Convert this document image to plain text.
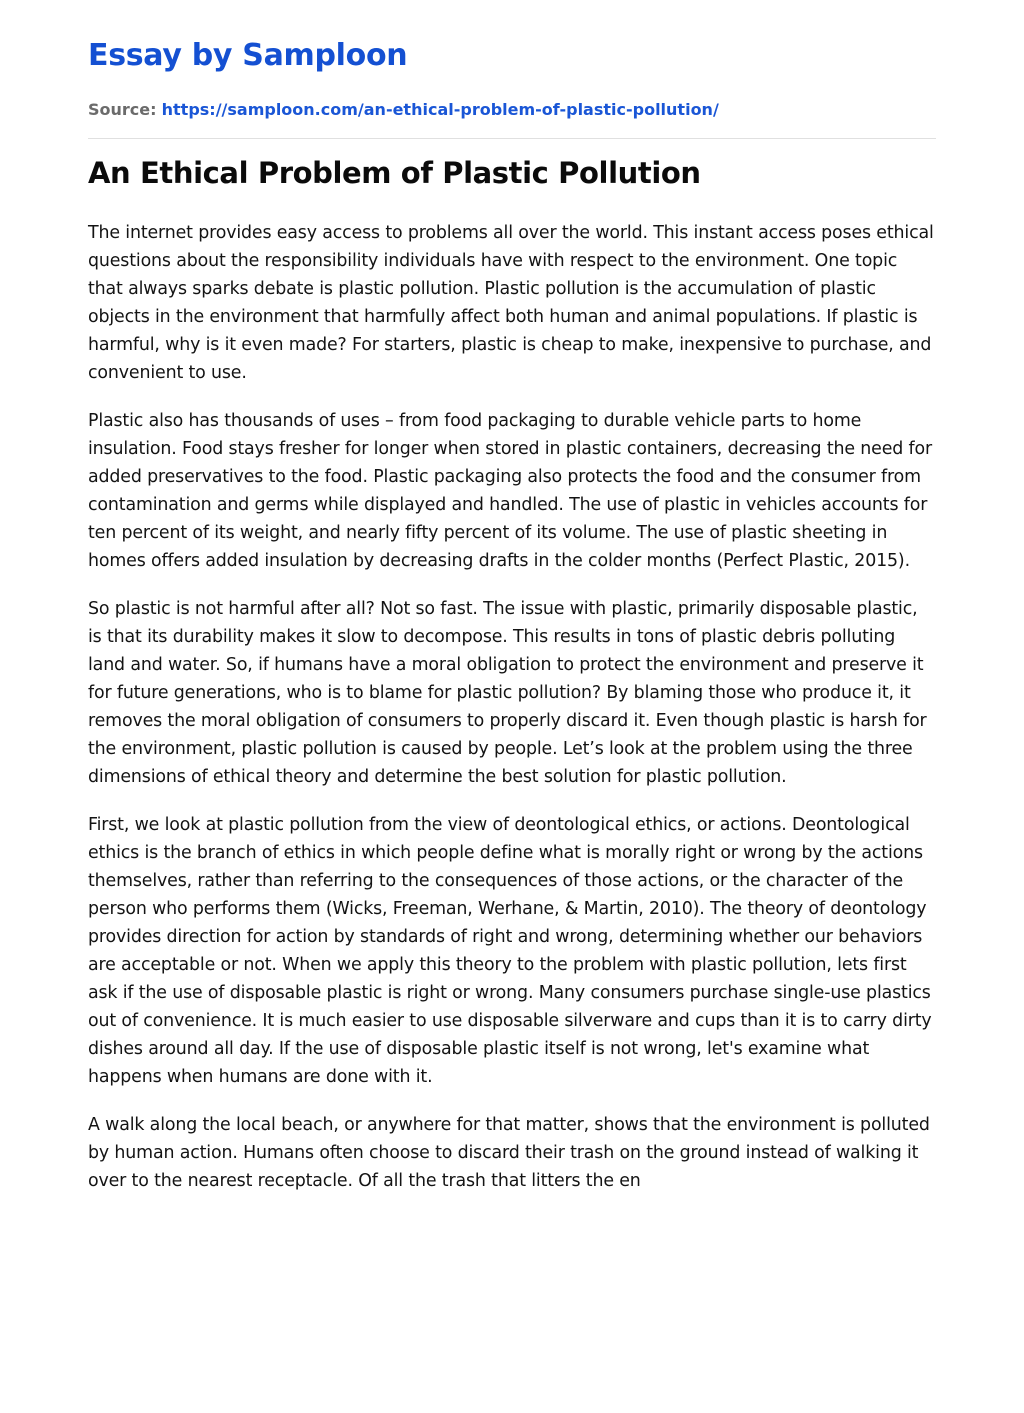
Essay by Samploon
Source: https://samploon.com/an-ethical-problem-of-plastic-pollution/
An Ethical Problem of Plastic Pollution

The internet provides easy access to problems all over the world. This instant access poses ethical questions about the responsibility individuals have with respect to the environment. One topic that always sparks debate is plastic pollution. Plastic pollution is the accumulation of plastic objects in the environment that harmfully affect both human and animal populations. If plastic is harmful, why is it even made? For starters, plastic is cheap to make, inexpensive to purchase, and convenient to use.

Plastic also has thousands of uses – from food packaging to durable vehicle parts to home insulation. Food stays fresher for longer when stored in plastic containers, decreasing the need for added preservatives to the food. Plastic packaging also protects the food and the consumer from contamination and germs while displayed and handled. The use of plastic in vehicles accounts for ten percent of its weight, and nearly fifty percent of its volume. The use of plastic sheeting in homes offers added insulation by decreasing drafts in the colder months (Perfect Plastic, 2015).

So plastic is not harmful after all? Not so fast. The issue with plastic, primarily disposable plastic, is that its durability makes it slow to decompose. This results in tons of plastic debris polluting land and water. So, if humans have a moral obligation to protect the environment and preserve it for future generations, who is to blame for plastic pollution? By blaming those who produce it, it removes the moral obligation of consumers to properly discard it. Even though plastic is harsh for the environment, plastic pollution is caused by people. Let’s look at the problem using the three dimensions of ethical theory and determine the best solution for plastic pollution.

First, we look at plastic pollution from the view of deontological ethics, or actions. Deontological ethics is the branch of ethics in which people define what is morally right or wrong by the actions themselves, rather than referring to the consequences of those actions, or the character of the person who performs them (Wicks, Freeman, Werhane, & Martin, 2010). The theory of deontology provides direction for action by standards of right and wrong, determining whether our behaviors are acceptable or not. When we apply this theory to the problem with plastic pollution, lets first ask if the use of disposable plastic is right or wrong. Many consumers purchase single-use plastics out of convenience. It is much easier to use disposable silverware and cups than it is to carry dirty dishes around all day. If the use of disposable plastic itself is not wrong, let's examine what happens when humans are done with it.

A walk along the local beach, or anywhere for that matter, shows that the environment is polluted by human action. Humans often choose to discard their trash on the ground instead of walking it over to the nearest receptacle. Of all the trash that litters the en
